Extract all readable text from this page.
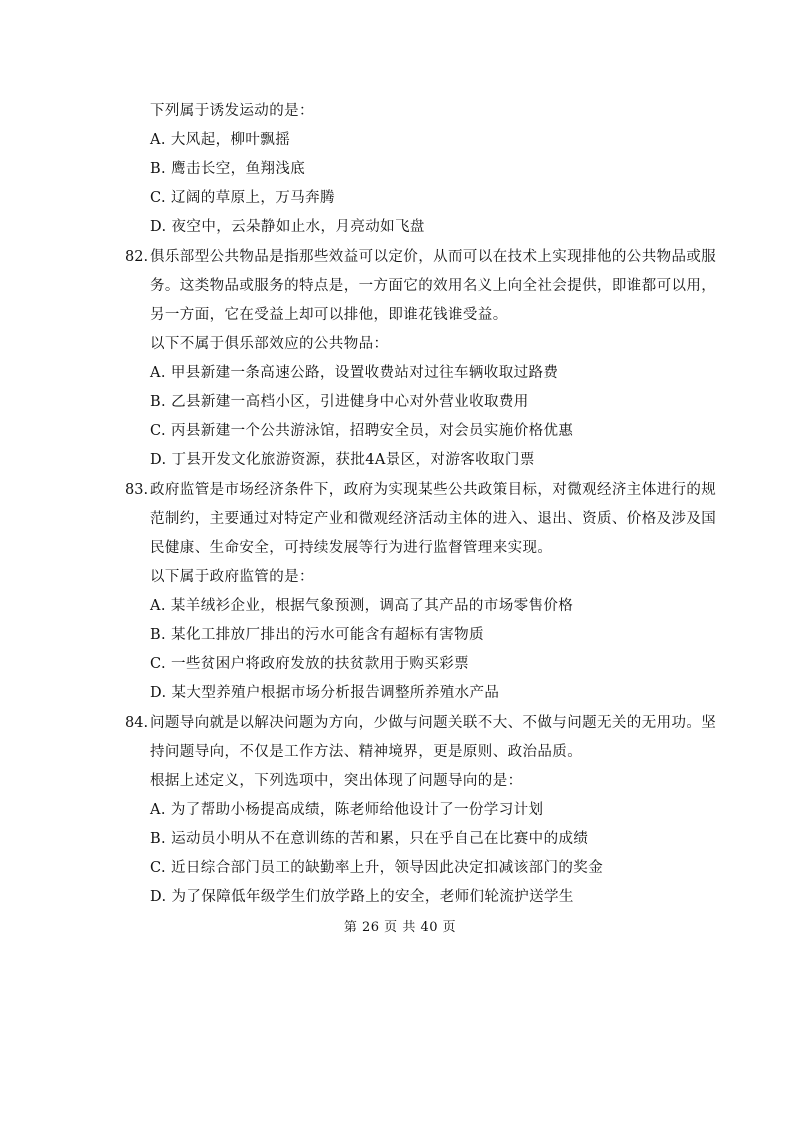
下列属于诱发运动的是：
A. 大风起，柳叶飘摇
B. 鹰击长空，鱼翔浅底
C. 辽阔的草原上，万马奔腾
D. 夜空中，云朵静如止水，月亮动如飞盘
82. 俱乐部型公共物品是指那些效益可以定价，从而可以在技术上实现排他的公共物品或服
务。这类物品或服务的特点是，一方面它的效用名义上向全社会提供，即谁都可以用，
另一方面，它在受益上却可以排他，即谁花钱谁受益。
以下不属于俱乐部效应的公共物品：
A. 甲县新建一条高速公路，设置收费站对过往车辆收取过路费
B. 乙县新建一高档小区，引进健身中心对外营业收取费用
C. 丙县新建一个公共游泳馆，招聘安全员，对会员实施价格优惠
D. 丁县开发文化旅游资源，获批4A景区，对游客收取门票
83. 政府监管是市场经济条件下，政府为实现某些公共政策目标，对微观经济主体进行的规
范制约，主要通过对特定产业和微观经济活动主体的进入、退出、资质、价格及涉及国
民健康、生命安全，可持续发展等行为进行监督管理来实现。
以下属于政府监管的是：
A. 某羊绒衫企业，根据气象预测，调高了其产品的市场零售价格
B. 某化工排放厂排出的污水可能含有超标有害物质
C. 一些贫困户将政府发放的扶贫款用于购买彩票
D. 某大型养殖户根据市场分析报告调整所养殖水产品
84. 问题导向就是以解决问题为方向，少做与问题关联不大、不做与问题无关的无用功。坚
持问题导向，不仅是工作方法、精神境界，更是原则、政治品质。
根据上述定义，下列选项中，突出体现了问题导向的是：
A. 为了帮助小杨提高成绩，陈老师给他设计了一份学习计划
B. 运动员小明从不在意训练的苦和累，只在乎自己在比赛中的成绩
C. 近日综合部门员工的缺勤率上升，领导因此决定扣减该部门的奖金
D. 为了保障低年级学生们放学路上的安全，老师们轮流护送学生
第 26 页 共 40 页
